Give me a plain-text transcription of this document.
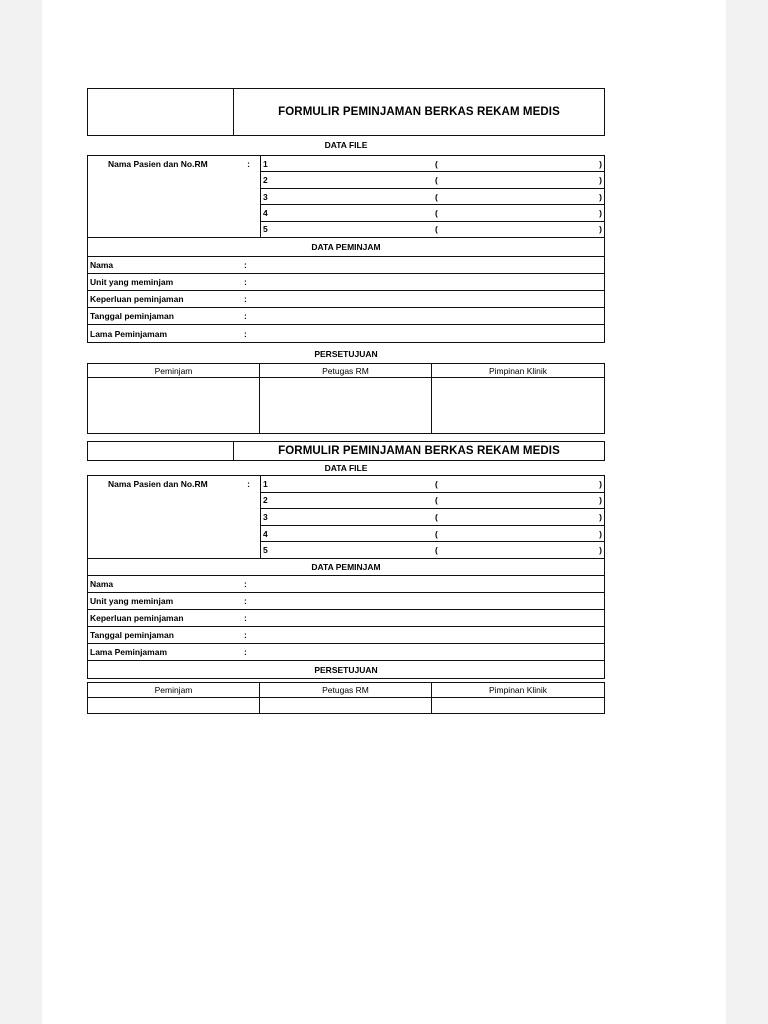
FORMULIR PEMINJAMAN BERKAS REKAM MEDIS
DATA FILE
Nama Pasien dan No.RM	: 1	(	)
2	(	)
3	(	)
4	(	)
5	(	)
DATA PEMINJAM
Nama	:
Unit yang meminjam	:
Keperluan peminjaman	:
Tanggal peminjaman	:
Lama Peminjamam	:
PERSETUJUAN
Peminjam	Petugas RM	Pimpinan Klinik
FORMULIR PEMINJAMAN BERKAS REKAM MEDIS
DATA FILE
Nama Pasien dan No.RM	: 1	(	)
2	(	)
3	(	)
4	(	)
5	(	)
DATA PEMINJAM
Nama	:
Unit yang meminjam	:
Keperluan peminjaman	:
Tanggal peminjaman	:
Lama Peminjamam	:
PERSETUJUAN
Peminjam	Petugas RM	Pimpinan Klinik
